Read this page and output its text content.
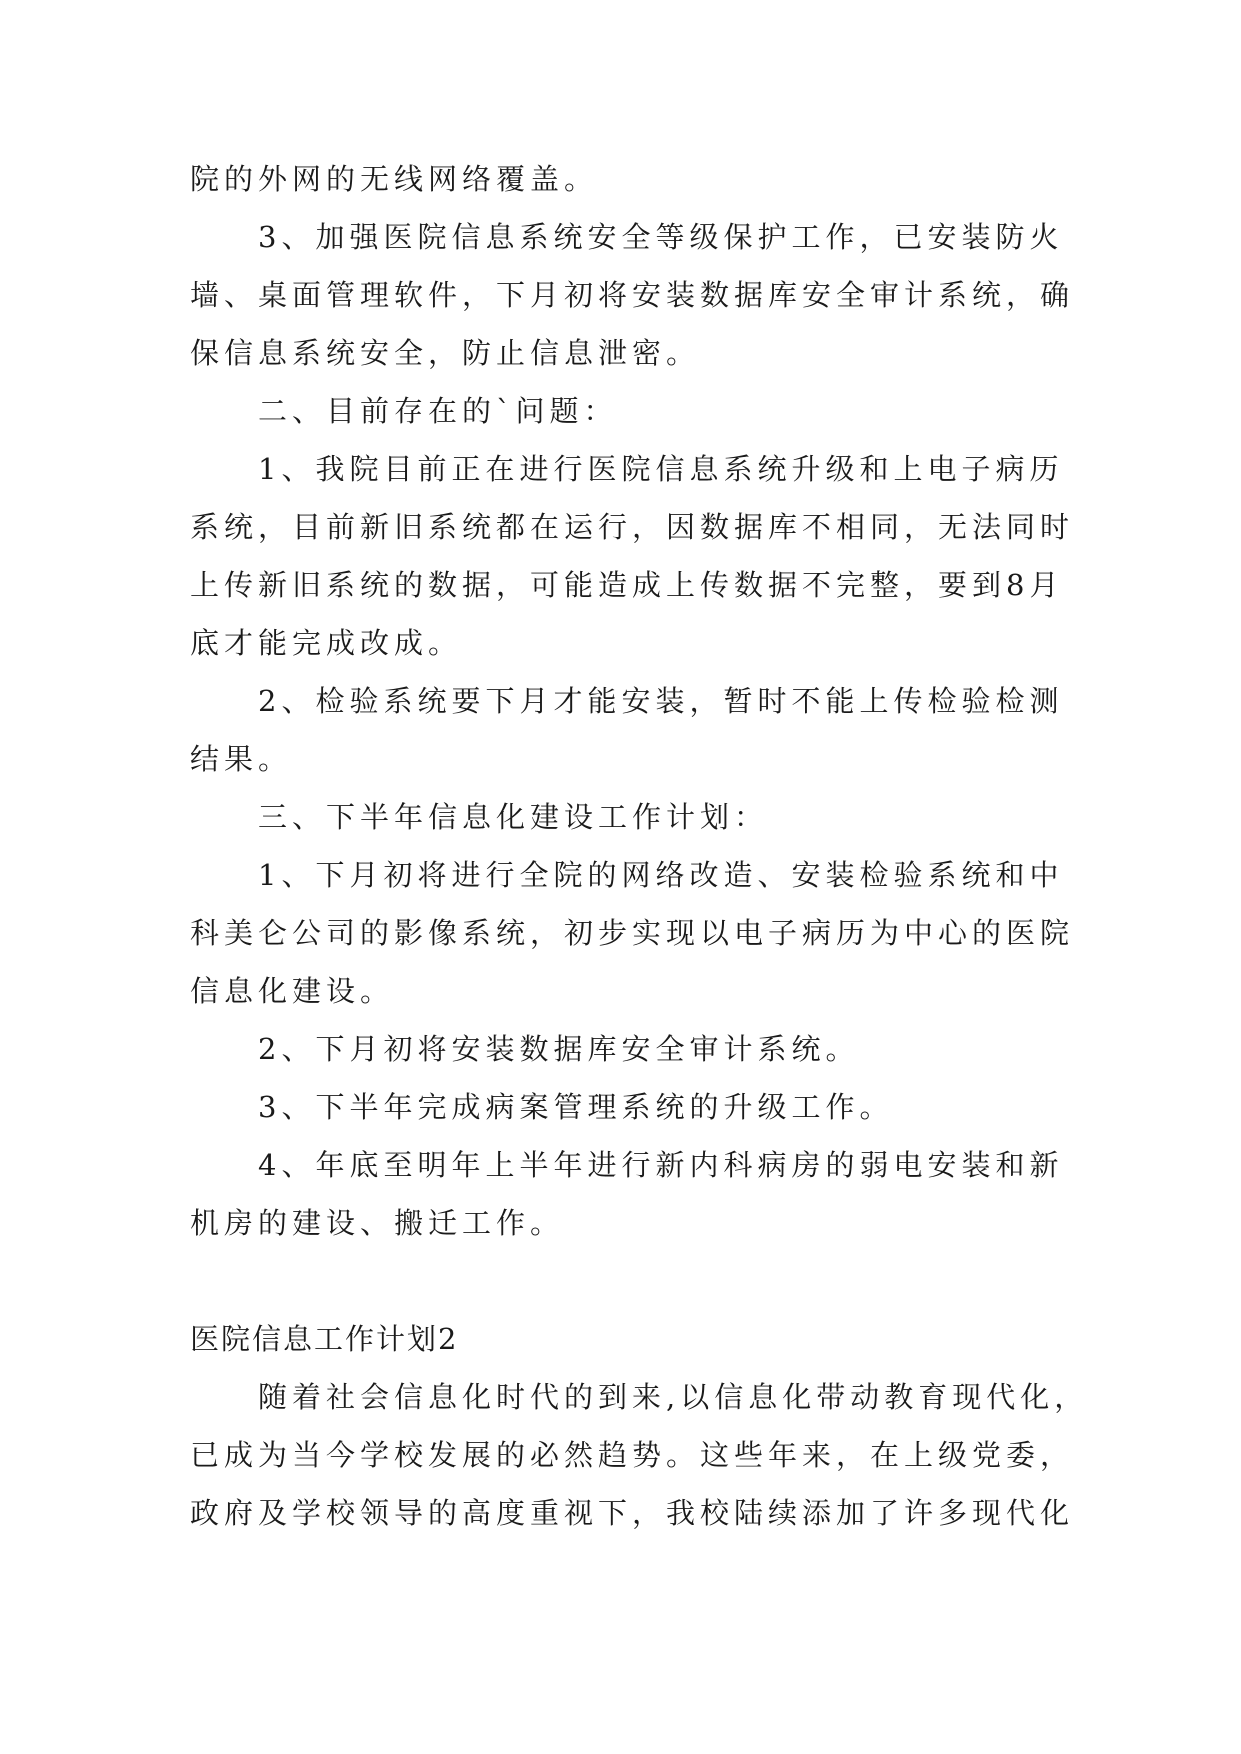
院的外网的无线网络覆盖。
3、加强医院信息系统安全等级保护工作，已安装防火
墙、桌面管理软件，下月初将安装数据库安全审计系统，确
保信息系统安全，防止信息泄密。
二、目前存在的`问题：
1、我院目前正在进行医院信息系统升级和上电子病历
系统，目前新旧系统都在运行，因数据库不相同，无法同时
上传新旧系统的数据，可能造成上传数据不完整，要到8月
底才能完成改成。
2、检验系统要下月才能安装，暂时不能上传检验检测
结果。
三、下半年信息化建设工作计划：
1、下月初将进行全院的网络改造、安装检验系统和中
科美仑公司的影像系统，初步实现以电子病历为中心的医院
信息化建设。
2、下月初将安装数据库安全审计系统。
3、下半年完成病案管理系统的升级工作。
4、年底至明年上半年进行新内科病房的弱电安装和新
机房的建设、搬迁工作。
医院信息工作计划2
随着社会信息化时代的到来,以信息化带动教育现代化，
已成为当今学校发展的必然趋势。这些年来，在上级党委，
政府及学校领导的高度重视下，我校陆续添加了许多现代化
